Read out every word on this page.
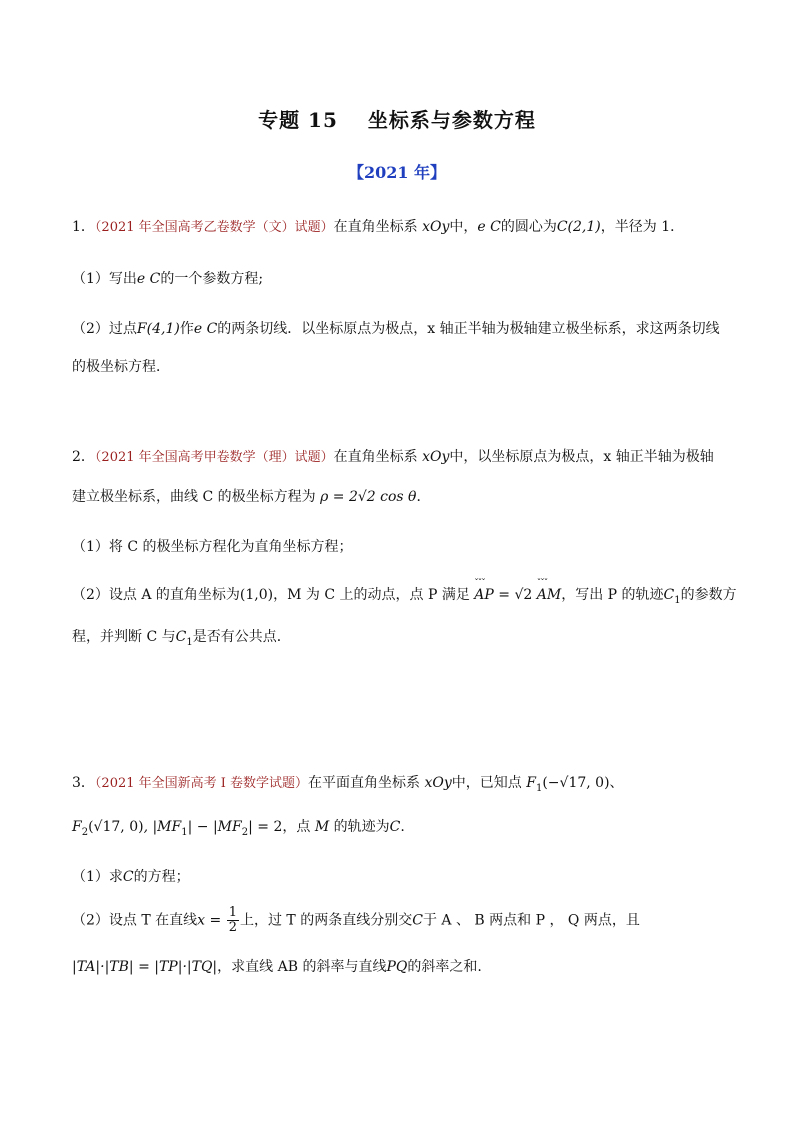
专题 15 坐标系与参数方程
【2021 年】
1．（2021 年全国高考乙卷数学（文）试题）在直角坐标系 xOy中，e C的圆心为C(2,1)，半径为 1．
（1）写出e C的一个参数方程;
（2）过点F(4,1)作e C的两条切线．以坐标原点为极点，x 轴正半轴为极轴建立极坐标系，求这两条切线
的极坐标方程．
2．（2021 年全国高考甲卷数学（理）试题）在直角坐标系 xOy中，以坐标原点为极点，x 轴正半轴为极轴
建立极坐标系，曲线 C 的极坐标方程为 ρ = 2√2 cos θ．
（1）将 C 的极坐标方程化为直角坐标方程；
（2）设点 A 的直角坐标为(1,0)，M 为 C 上的动点，点 P 满足 ˇˇˇ AP = √2 ˇˇˇ AM，写出 P 的轨迹$C_1$的参数方
程，并判断 C 与$C_1$是否有公共点．
3．（2021 年全国新高考 I 卷数学试题）在平面直角坐标系 xOy中，已知点 $F_1(-√17$, 0)、
$F_2(√17$, 0), $|MF_1| - |MF_2| = 2$，点 M 的轨迹为C.
（1）求C的方程；
（2）设点 T 在直线$x = \frac{1}{2}$ 上，过 T 的两条直线分别交C于 A 、 B 两点和 P ， Q 两点，且
|TA|·|TB| = |TP|·|TQ|，求直线 AB 的斜率与直线PQ的斜率之和.
